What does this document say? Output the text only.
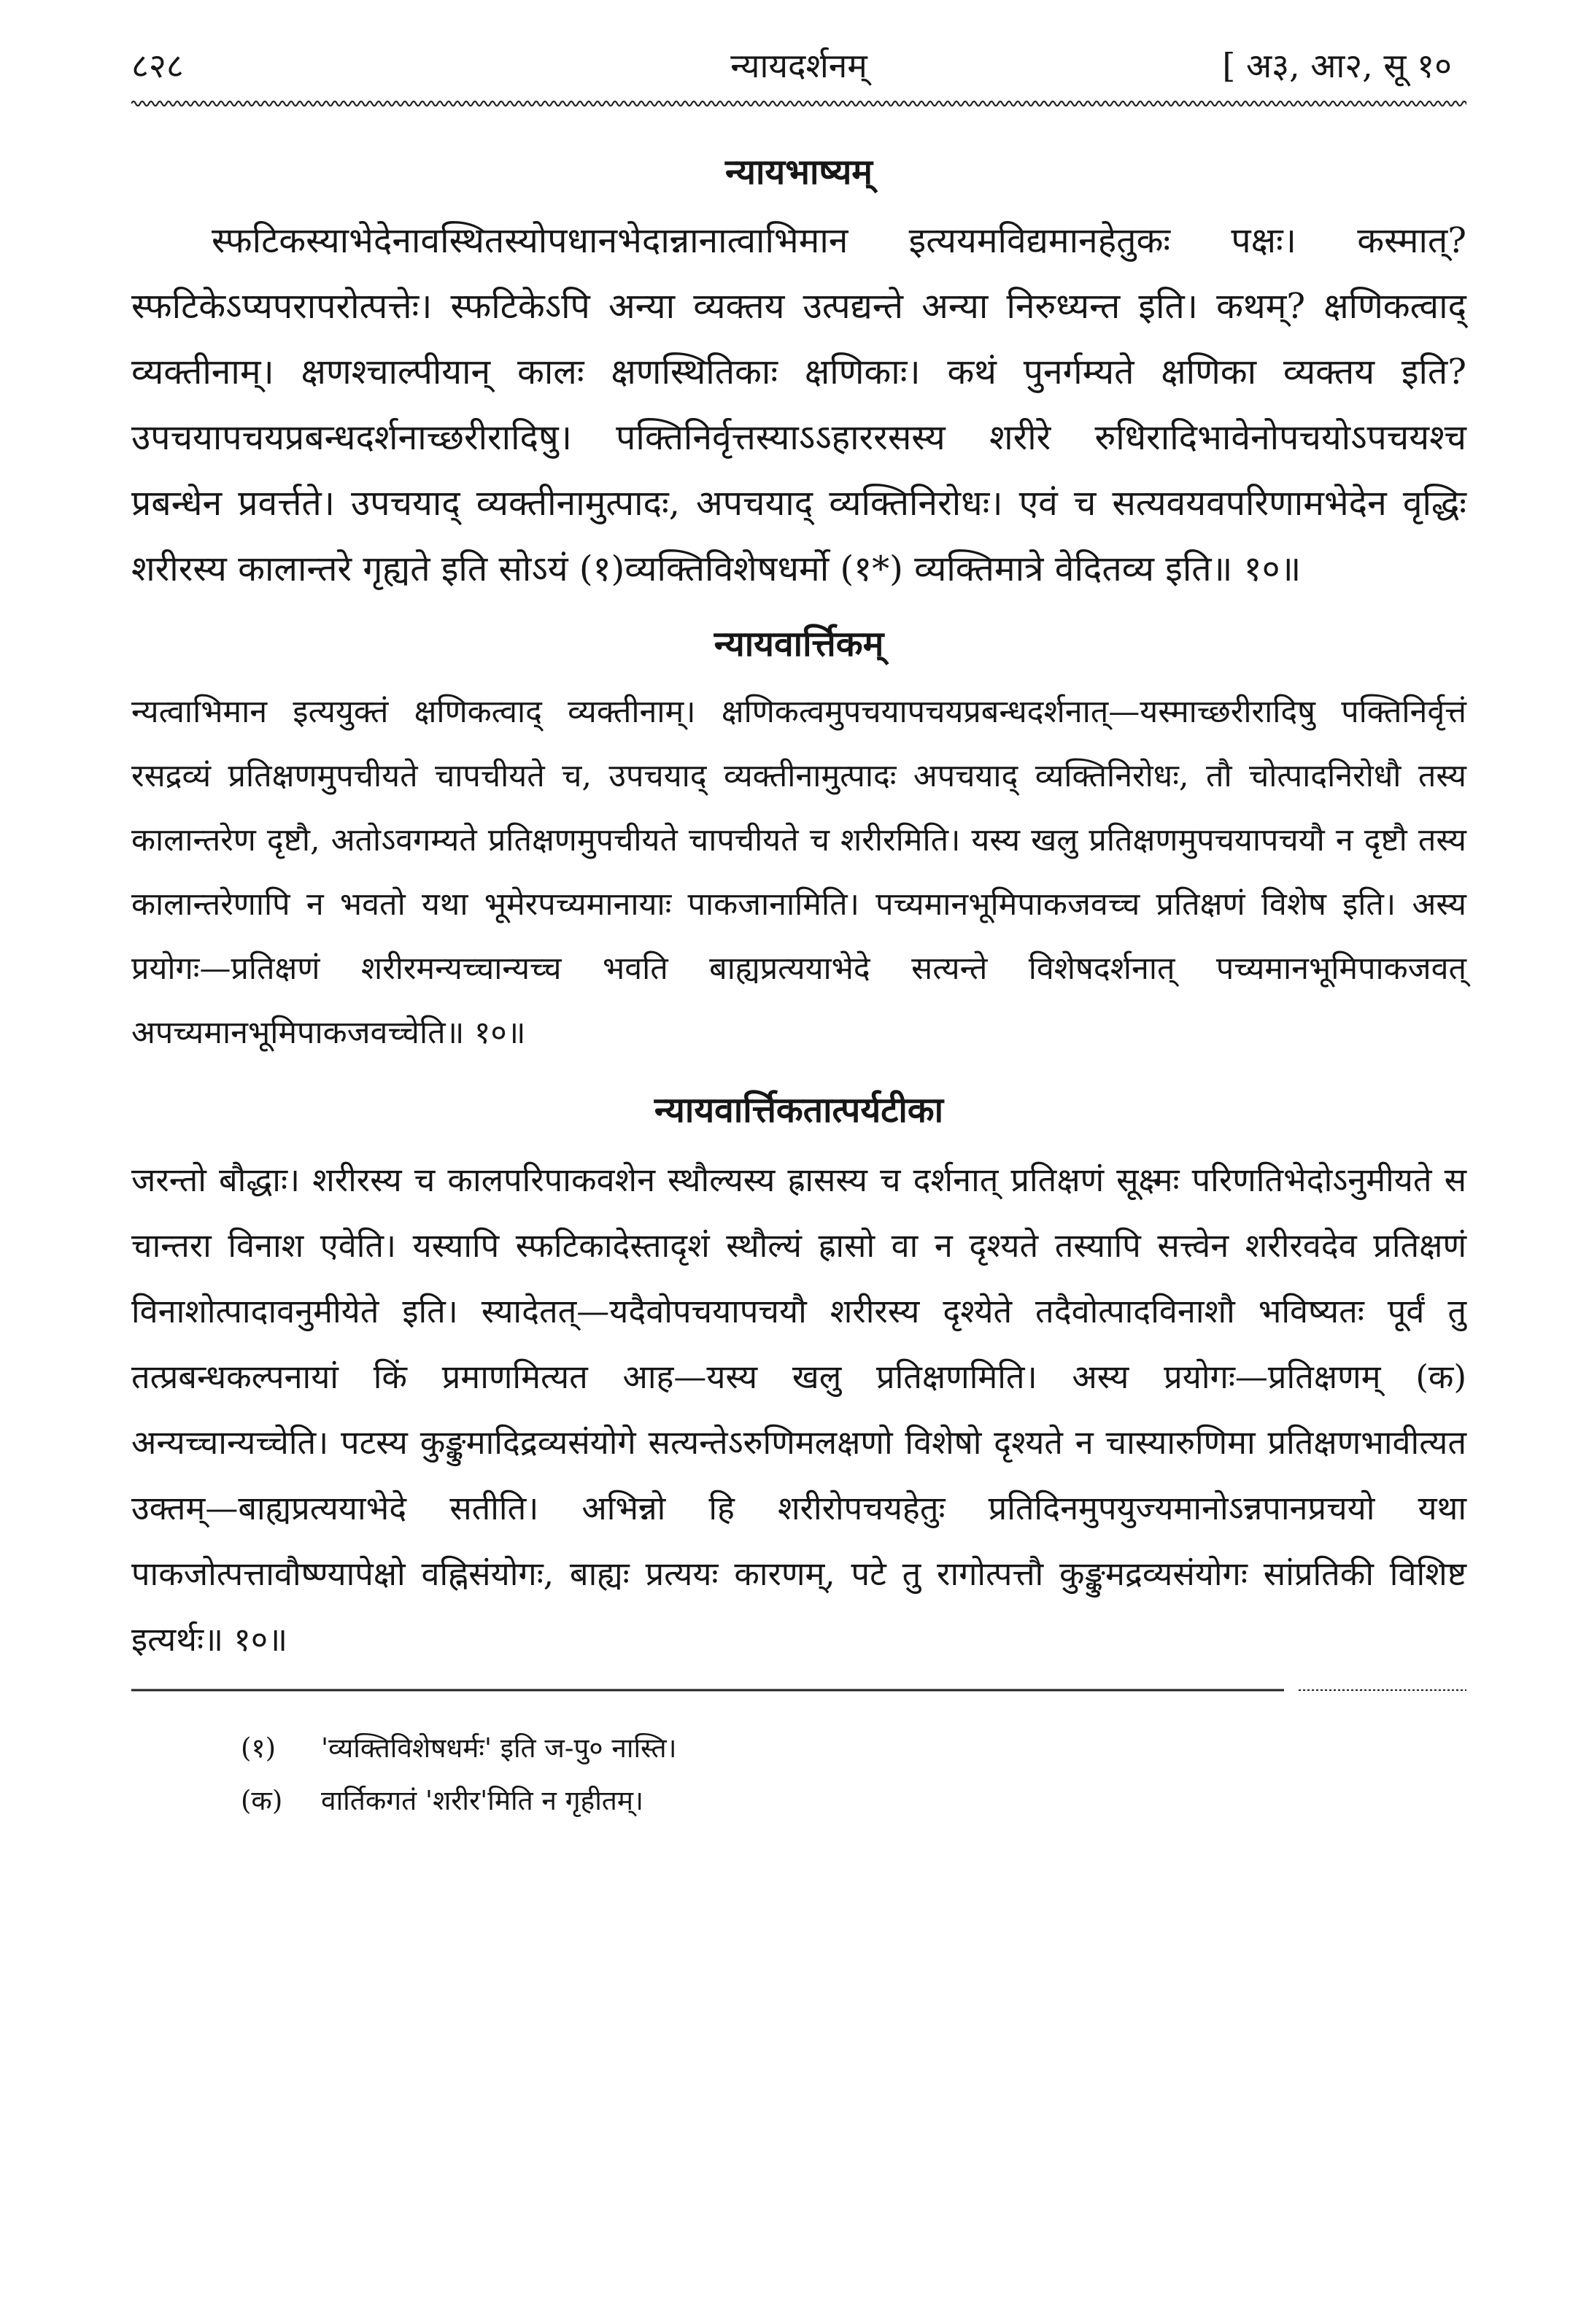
८२८	न्यायदर्शनम्	[ अ३, आ२, सू १०
न्यायभाष्यम्

स्फटिकस्याभेदेनावस्थितस्योपधानभेदान्नानात्वाभिमान इत्ययमविद्यमानहेतुकः पक्षः। कस्मात्? स्फटिकेऽप्यपरापरोत्पत्तेः। स्फटिकेऽपि अन्या व्यक्तय उत्पद्यन्ते अन्या निरुध्यन्त इति। कथम्? क्षणिकत्वाद् व्यक्तीनाम्। क्षणश्चाल्पीयान् कालः क्षणस्थितिकाः क्षणिकाः। कथं पुनर्गम्यते क्षणिका व्यक्तय इति? उपचयापचयप्रबन्धदर्शनाच्छरीरादिषु। पक्तिनिर्वृत्तस्याऽऽहाररसस्य शरीरे रुधिरादिभावेनोपचयोऽपचयश्च प्रबन्धेन प्रवर्त्तते। उपचयाद् व्यक्तीनामुत्पादः, अपचयाद् व्यक्तिनिरोधः। एवं च सत्यवयवपरिणामभेदेन वृद्धिः शरीरस्य कालान्तरे गृह्यते इति सोऽयं (१)व्यक्तिविशेषधर्मो (१*) व्यक्तिमात्रे वेदितव्य इति॥ १०॥

न्यायवार्त्तिकम्

न्यत्वाभिमान इत्ययुक्तं क्षणिकत्वाद् व्यक्तीनाम्। क्षणिकत्वमुपचयापचयप्रबन्धदर्शनात्—यस्माच्छरीरादिषु पक्तिनिर्वृत्तं रसद्रव्यं प्रतिक्षणमुपचीयते चापचीयते च, उपचयाद् व्यक्तीनामुत्पादः अपचयाद् व्यक्तिनिरोधः, तौ चोत्पादनिरोधौ तस्य कालान्तरेण दृष्टौ, अतोऽवगम्यते प्रतिक्षणमुपचीयते चापचीयते च शरीरमिति। यस्य खलु प्रतिक्षणमुपचयापचयौ न दृष्टौ तस्य कालान्तरेणापि न भवतो यथा भूमेरपच्यमानायाः पाकजानामिति। पच्यमानभूमिपाकजवच्च प्रतिक्षणं विशेष इति। अस्य प्रयोगः—प्रतिक्षणं शरीरमन्यच्चान्यच्च भवति बाह्यप्रत्ययाभेदे सत्यन्ते विशेषदर्शनात् पच्यमानभूमिपाकजवत् अपच्यमानभूमिपाकजवच्चेति॥ १०॥

न्यायवार्त्तिकतात्पर्यटीका

जरन्तो बौद्धाः। शरीरस्य च कालपरिपाकवशेन स्थौल्यस्य ह्रासस्य च दर्शनात् प्रतिक्षणं सूक्ष्मः परिणतिभेदोऽनुमीयते स चान्तरा विनाश एवेति। यस्यापि स्फटिकादेस्तादृशं स्थौल्यं ह्रासो वा न दृश्यते तस्यापि सत्त्वेन शरीरवदेव प्रतिक्षणं विनाशोत्पादावनुमीयेते इति। स्यादेतत्—यदैवोपचयापचयौ शरीरस्य दृश्येते तदैवोत्पादविनाशौ भविष्यतः पूर्वं तु तत्प्रबन्धकल्पनायां किं प्रमाणमित्यत आह—यस्य खलु प्रतिक्षणमिति। अस्य प्रयोगः—प्रतिक्षणम् (क) अन्यच्चान्यच्चेति। पटस्य कुङ्कुमादिद्रव्यसंयोगे सत्यन्तेऽरुणिमलक्षणो विशेषो दृश्यते न चास्यारुणिमा प्रतिक्षणभावीत्यत उक्तम्—बाह्यप्रत्ययाभेदे सतीति। अभिन्नो हि शरीरोपचयहेतुः प्रतिदिनमुपयुज्यमानोऽन्नपानप्रचयो यथा पाकजोत्पत्तावौष्ण्यापेक्षो वह्निसंयोगः, बाह्यः प्रत्ययः कारणम्, पटे तु रागोत्पत्तौ कुङ्कुमद्रव्यसंयोगः सांप्रतिकी विशिष्ट इत्यर्थः॥ १०॥

(१)	'व्यक्तिविशेषधर्मः' इति ज-पु० नास्ति।
(क)	वार्तिकगतं 'शरीर'मिति न गृहीतम्।
